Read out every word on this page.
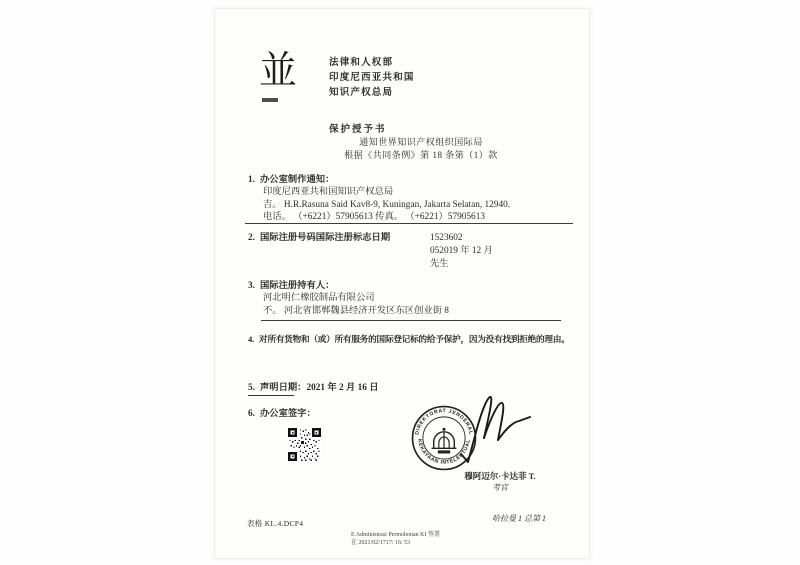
並	法律和人权部
印度尼西亚共和国
知识产权总局
保护授予书
通知世界知识产权组织国际局
根据《共同条例》第 18 条第（1）款
1. 办公室制作通知：
印度尼西亚共和国知识产权总局
吉。 H.R.Rasuna Said Kav8-9, Kuningan, Jakarta Selatan, 12940.
电话。 （+6221）57905613 传真。 （+6221）57905613
2. 国际注册号码国际注册标志日期	1523602
052019 年 12 月
先生
3. 国际注册持有人：
河北明仁橡胶制品有限公司
不。 河北省邯郸魏县经济开发区东区创业街 8
4. 对所有货物和（或）所有服务的国际登记标的给予保护，因为没有找到拒绝的理由。
5. 声明日期：2021 年 2 月 16 日
6. 办公室签字：
DIREKTORAT JENDERAL
KEKAYAAN INTELEKTUAL
穆阿迈尔·卡达菲 T.
考官
表格 KL.4.DCP4
哈拉曼 1 总第 1
E Administrasi Permohonan KI 签署
在 2021/02/1717: 16: 53
